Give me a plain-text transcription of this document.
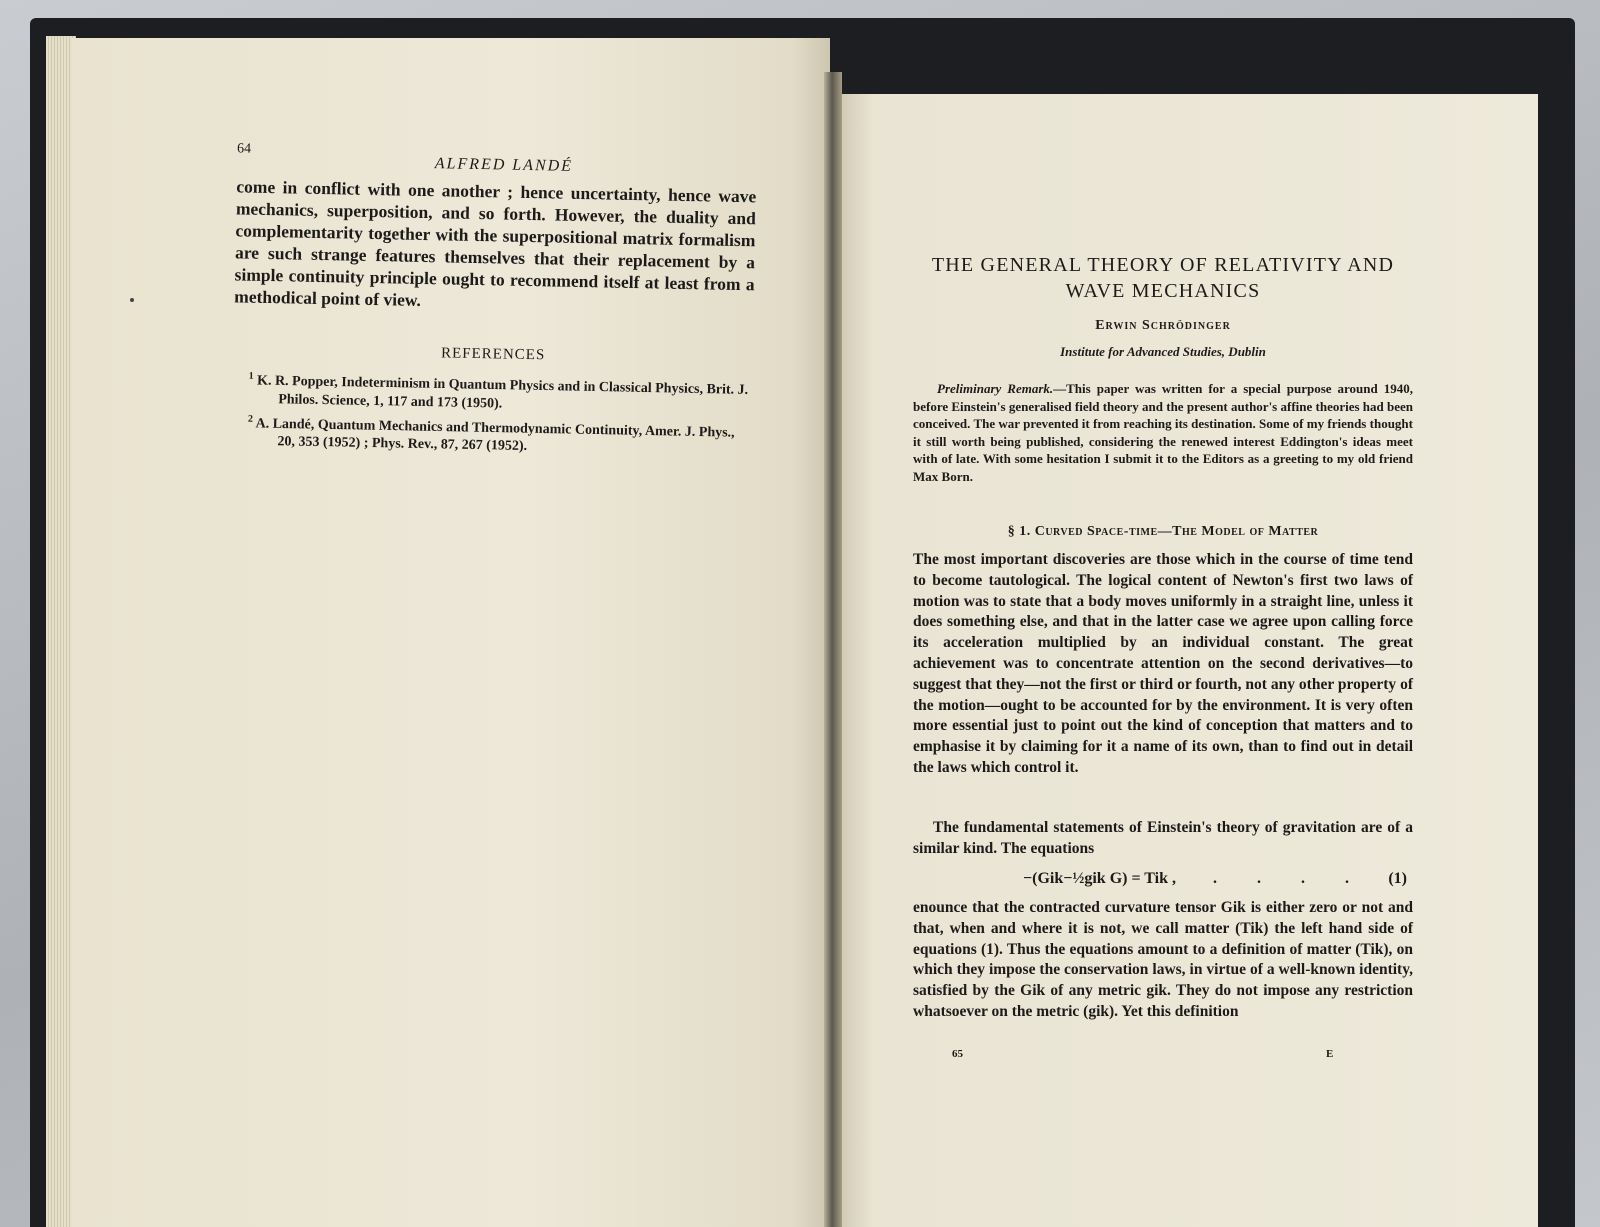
64
ALFRED LANDÉ
come in conflict with one another ; hence uncertainty, hence wave mechanics, superposition, and so forth. However, the duality and complementarity together with the superpositional matrix formalism are such strange features themselves that their replacement by a simple continuity principle ought to recommend itself at least from a methodical point of view.
REFERENCES
$^1$ K. R. Popper, Indeterminism in Quantum Physics and in Classical Physics, Brit. J. Philos. Science, 1, 117 and 173 (1950).
$^2$ A. Landé, Quantum Mechanics and Thermodynamic Continuity, Amer. J. Phys., 20, 353 (1952) ; Phys. Rev., 87, 267 (1952).
THE GENERAL THEORY OF RELATIVITY AND WAVE MECHANICS
Erwin Schrödinger
Institute for Advanced Studies, Dublin
Preliminary Remark.—This paper was written for a special purpose around 1940, before Einstein's generalised field theory and the present author's affine theories had been conceived. The war prevented it from reaching its destination. Some of my friends thought it still worth being published, considering the renewed interest Eddington's ideas meet with of late. With some hesitation I submit it to the Editors as a greeting to my old friend Max Born.
§ 1. Curved Space-time—The Model of Matter
The most important discoveries are those which in the course of time tend to become tautological. The logical content of Newton's first two laws of motion was to state that a body moves uniformly in a straight line, unless it does something else, and that in the latter case we agree upon calling force its acceleration multiplied by an individual constant. The great achievement was to concentrate attention on the second derivatives—to suggest that they—not the first or third or fourth, not any other property of the motion—ought to be accounted for by the environment. It is very often more essential just to point out the kind of conception that matters and to emphasise it by claiming for it a name of its own, than to find out in detail the laws which control it.
The fundamental statements of Einstein's theory of gravitation are of a similar kind. The equations
−(Gik−½gik G) = Tik , . . . . (1)
enounce that the contracted curvature tensor Gik is either zero or not and that, when and where it is not, we call matter (Tik) the left hand side of equations (1). Thus the equations amount to a definition of matter (Tik), on which they impose the conservation laws, in virtue of a well-known identity, satisfied by the Gik of any metric gik. They do not impose any restriction whatsoever on the metric (gik). Yet this definition
65	E
